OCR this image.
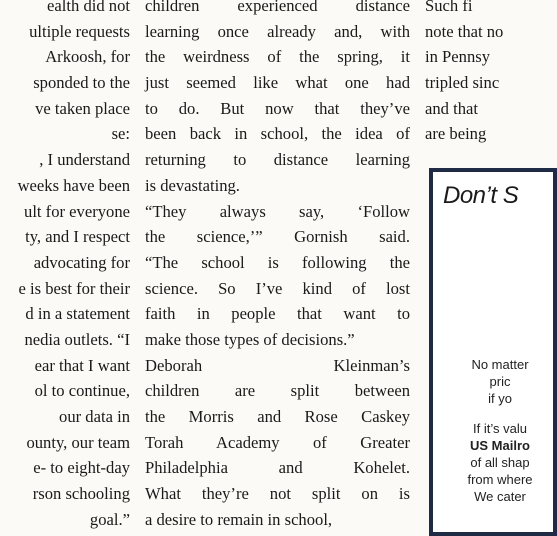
ealth did not
ultiple requests
Arkoosh, for
sponded to the
ve taken place
se:
, I understand
weeks have been
ult for everyone
ty, and I respect
advocating for
e is best for their
d in a statement
nedia outlets. “I
ear that I want
ol to continue,
our data in
ounty, our team
e- to eight-day
rson schooling
goal.”
children experienced distance
learning once already and, with
the weirdness of the spring, it
just seemed like what one had
to do. But now that they’ve
been back in school, the idea of
returning to distance learning
is devastating.
“They always say, ‘Follow
the science,’” Gornish said.
“The school is following the
science. So I’ve kind of lost
faith in people that want to
make those types of decisions.”
Deborah Kleinman’s
children are split between
the Morris and Rose Caskey
Torah Academy of Greater
Philadelphia and Kohelet.
What they’re not split on is
a desire to remain in school,
Such fi
note that no
in Pennsy
tripled sinc
and that
are being
Don’t S
No matter
pric
if yo
If it’s valu
US Mailro
of all shap
from where
We cater
